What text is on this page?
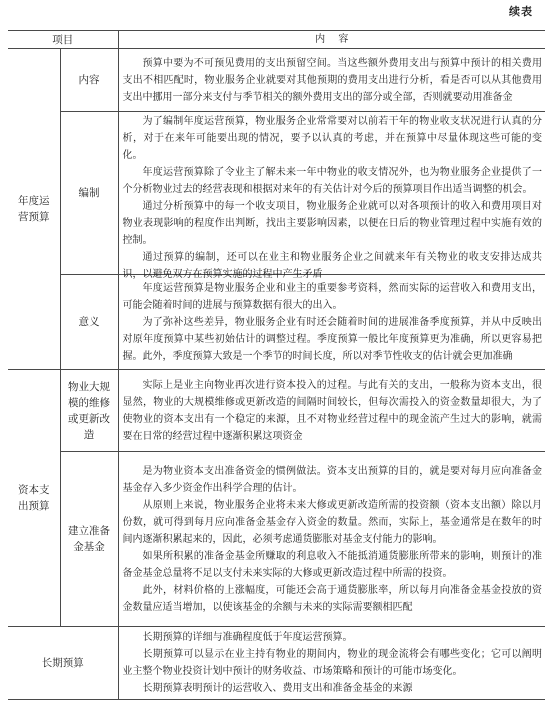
续表
项目		内 容

年度运营预算	内容	预算中要为不可预见费用的支出预留空间。当这些额外费用支出与预算中预计的相关费用支出不相匹配时，物业服务企业就要对其他预期的费用支出进行分析，看是否可以从其他费用支出中挪用一部分来支付与季节相关的额外费用支出的部分或全部，否则就要动用准备金

	编制	为了编制年度运营预算，物业服务企业常常要对以前若干年的物业收支状况进行认真的分析，对于在来年可能要出现的情况，要予以认真的考虑，并在预算中尽量体现这些可能的变化。

年度运营预算除了令业主了解未来一年中物业的收支情况外，也为物业服务企业提供了一个分析物业过去的经营表现和根据对来年的有关估计对今后的预算项目作出适当调整的机会。

通过分析预算中的每一个收支项目，物业服务企业就可以对各项预计的收入和费用项目对物业表现影响的程度作出判断，找出主要影响因素，以便在日后的物业管理过程中实施有效的控制。

通过预算的编制，还可以在业主和物业服务企业之间就来年有关物业的收支安排达成共识，以避免双方在预算实施的过程中产生矛盾

	意义	年度运营预算是物业服务企业和业主的重要参考资料，然而实际的运营收入和费用支出，可能会随着时间的进展与预算数据有很大的出入。

为了弥补这些差异，物业服务企业有时还会随着时间的进展准备季度预算，并从中反映出对原年度预算中某些初始估计的调整过程。季度预算一般比年度预算更为准确，所以更容易把握。此外，季度预算大致是一个季节的时间长度，所以对季节性收支的估计就会更加准确

资本支出预算	物业大规模的维修或更新改造	实际上是业主向物业再次进行资本投入的过程。与此有关的支出，一般称为资本支出，很显然，物业的大规模维修或更新改造的间隔时间较长，但每次需投入的资金数量却很大，为了使物业的资本支出有一个稳定的来源，且不对物业经营过程中的现金流产生过大的影响，就需要在日常的经营过程中逐渐积累这项资金

	建立准备金基金	是为物业资本支出准备资金的惯例做法。资本支出预算的目的，就是要对每月应向准备金基金存入多少资金作出科学合理的估计。

从原则上来说，物业服务企业将未来大修或更新改造所需的投资额（资本支出额）除以月份数，就可得到每月应向准备金基金存入资金的数量。然而，实际上，基金通常是在数年的时间内逐渐积累起来的，因此，必须考虑通货膨胀对基金支付能力的影响。

如果所积累的准备金基金所赚取的利息收入不能抵消通货膨胀所带来的影响，则预计的准备金基金总量将不足以支付未来实际的大修或更新改造过程中所需的投资。

此外，材料价格的上涨幅度，可能还会高于通货膨胀率，所以每月向准备金基金投放的资金数量应适当增加，以使该基金的余额与未来的实际需要额相匹配

长期预算		长期预算的详细与准确程度低于年度运营预算。

长期预算可以显示在业主持有物业的期间内，物业的现金流将会有哪些变化；它可以阐明业主整个物业投资计划中预计的财务收益、市场策略和预计的可能市场变化。

长期预算表明预计的运营收入、费用支出和准备金基金的来源
